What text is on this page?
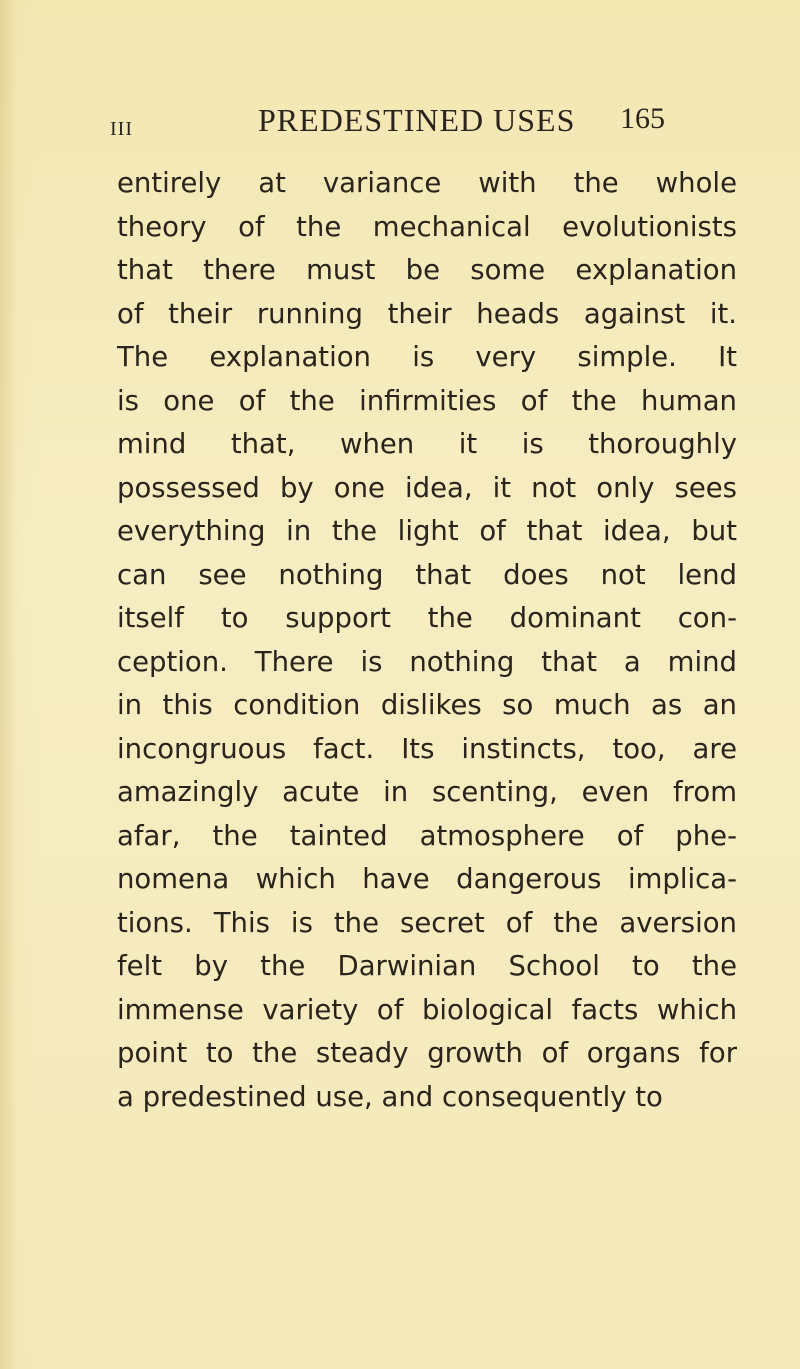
III	PREDESTINED USES 165
entirely at variance with the whole
theory of the mechanical evolutionists
that there must be some explanation
of their running their heads against it.
The explanation is very simple. It
is one of the infirmities of the human
mind that, when it is thoroughly
possessed by one idea, it not only sees
everything in the light of that idea, but
can see nothing that does not lend
itself to support the dominant con-
ception. There is nothing that a mind
in this condition dislikes so much as an
incongruous fact. Its instincts, too, are
amazingly acute in scenting, even from
afar, the tainted atmosphere of phe-
nomena which have dangerous implica-
tions. This is the secret of the aversion
felt by the Darwinian School to the
immense variety of biological facts which
point to the steady growth of organs for
a predestined use, and consequently to
